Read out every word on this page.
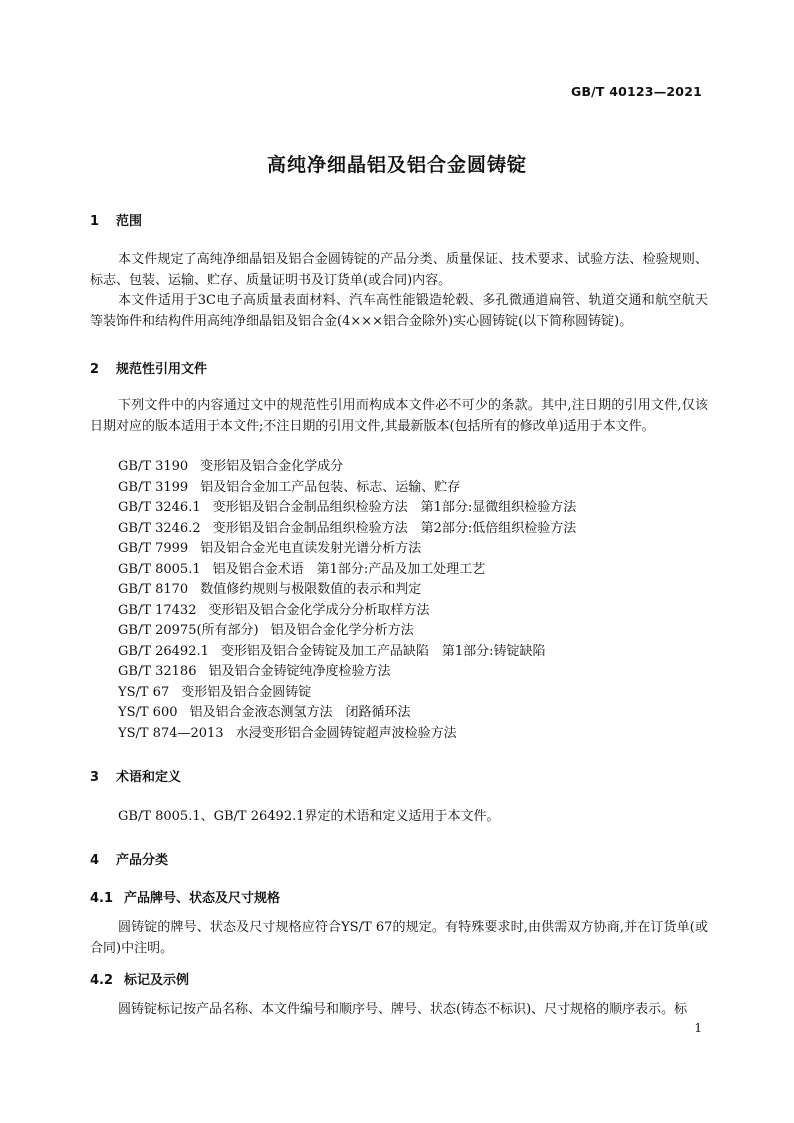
GB/T 40123—2021
高纯净细晶铝及铝合金圆铸锭
1 范围

本文件规定了高纯净细晶铝及铝合金圆铸锭的产品分类、质量保证、技术要求、试验方法、检验规则、标志、包装、运输、贮存、质量证明书及订货单(或合同)内容。

本文件适用于3C电子高质量表面材料、汽车高性能锻造轮毂、多孔微通道扁管、轨道交通和航空航天等装饰件和结构件用高纯净细晶铝及铝合金(4×××铝合金除外)实心圆铸锭(以下简称圆铸锭)。

2 规范性引用文件

下列文件中的内容通过文中的规范性引用而构成本文件必不可少的条款。其中,注日期的引用文件,仅该日期对应的版本适用于本文件;不注日期的引用文件,其最新版本(包括所有的修改单)适用于本文件。

GB/T 3190 变形铝及铝合金化学成分
GB/T 3199 铝及铝合金加工产品包装、标志、运输、贮存
GB/T 3246.1 变形铝及铝合金制品组织检验方法　第1部分:显微组织检验方法
GB/T 3246.2 变形铝及铝合金制品组织检验方法　第2部分:低倍组织检验方法
GB/T 7999 铝及铝合金光电直读发射光谱分析方法
GB/T 8005.1 铝及铝合金术语　第1部分:产品及加工处理工艺
GB/T 8170 数值修约规则与极限数值的表示和判定
GB/T 17432 变形铝及铝合金化学成分分析取样方法
GB/T 20975(所有部分) 铝及铝合金化学分析方法
GB/T 26492.1 变形铝及铝合金铸锭及加工产品缺陷　第1部分:铸锭缺陷
GB/T 32186 铝及铝合金铸锭纯净度检验方法
YS/T 67 变形铝及铝合金圆铸锭
YS/T 600 铝及铝合金液态测氢方法　闭路循环法
YS/T 874—2013 水浸变形铝合金圆铸锭超声波检验方法
3 术语和定义

GB/T 8005.1、GB/T 26492.1界定的术语和定义适用于本文件。

4 产品分类
4.1 产品牌号、状态及尺寸规格

圆铸锭的牌号、状态及尺寸规格应符合YS/T 67的规定。有特殊要求时,由供需双方协商,并在订货单(或合同)中注明。

4.2 标记及示例

圆铸锭标记按产品名称、本文件编号和顺序号、牌号、状态(铸态不标识)、尺寸规格的顺序表示。标

1
